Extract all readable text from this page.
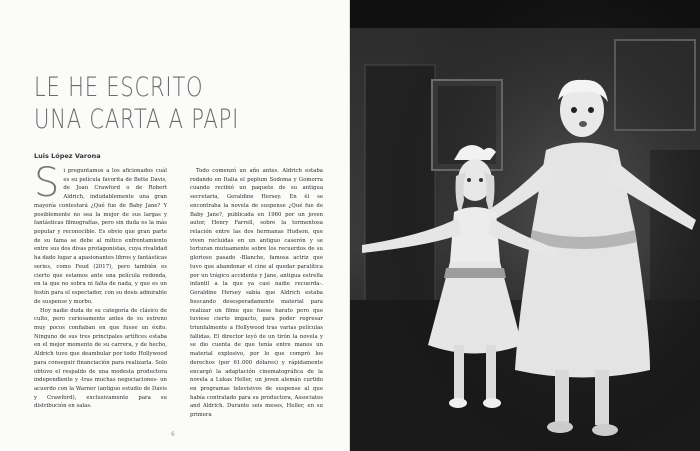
LE HE ESCRITO
UNA CARTA A PAPI
Luis López Varona

Si preguntamos a los aficionados cuál es su película favorita de Bette Davis, de Joan Crawford o de Robert Aldrich, indudablemente una gran mayoría contestará ¿Qué fue de Baby Jane? Y posiblemente no sea la mejor de sus largas y fantásticas filmografías, pero sin duda es la más popular y reconocible. Es obvio que gran parte de su fama se debe al mítico enfrentamiento entre sus dos divas protagonistas, cuya rivalidad ha dado lugar a apasionantes libros y fantásticas series, como Feud (2017), pero también es cierto que estamos ante una película redonda, en la que no sobra ni falta de nada, y que es un festín para el espectador, con su dosis admirable de suspense y morbo.

Hoy nadie duda de su categoría de clásico de culto, pero curiosamente antes de su estreno muy pocos confiaban en que fuese un éxito. Ninguno de sus tres principales artífices estaba en el mejor momento de su carrera, y de hecho, Aldrich tuvo que deambular por todo Hollywood para conseguir financiación para realizarla. Solo obtuvo el respaldo de una modesta productora independiente y -tras muchas negociaciones- un acuerdo con la Warner (antiguo estudio de Davis y Crawford), exclusivamente para su distribución en salas.

Todo comenzó un año antes. Aldrich estaba rodando en Italia el peplum Sodoma y Gomorra cuando recibió un paquete de su antigua secretaria, Geraldine Hersey. En él se encontraba la novela de suspense ¿Qué fue de Baby Jane?, publicada en 1960 por un joven autor, Henry Farrell, sobre la tormentosa relación entre las dos hermanas Hudson, que viven recluidas en un antiguo caserón y se torturan mutuamente sobre los recuerdos de su glorioso pasado -Blanche, famosa actriz que tuvo que abandonar el cine al quedar paralítica por un trágico accidente y Jane, antigua estrella infantil a la que ya casi nadie recuerda-. Geraldine Hersey sabía que Aldrich estaba buscando desesperadamente material para realizar un filme que fuese barato pero que tuviese cierto impacto, para poder regresar triunfalmente a Hollywood tras varias películas fallidas. El director leyó de un tirón la novela y se dio cuenta de que tenía entre manos un material explosivo, por lo que compró los derechos (por 61.000 dólares) y rápidamente encargó la adaptación cinematográfica de la novela a Lukas Heller, un joven alemán curtido en programas televisivos de suspense al que había contratado para su productora, Associates and Aldrich. Durante seis meses, Heller, en su primera

6
